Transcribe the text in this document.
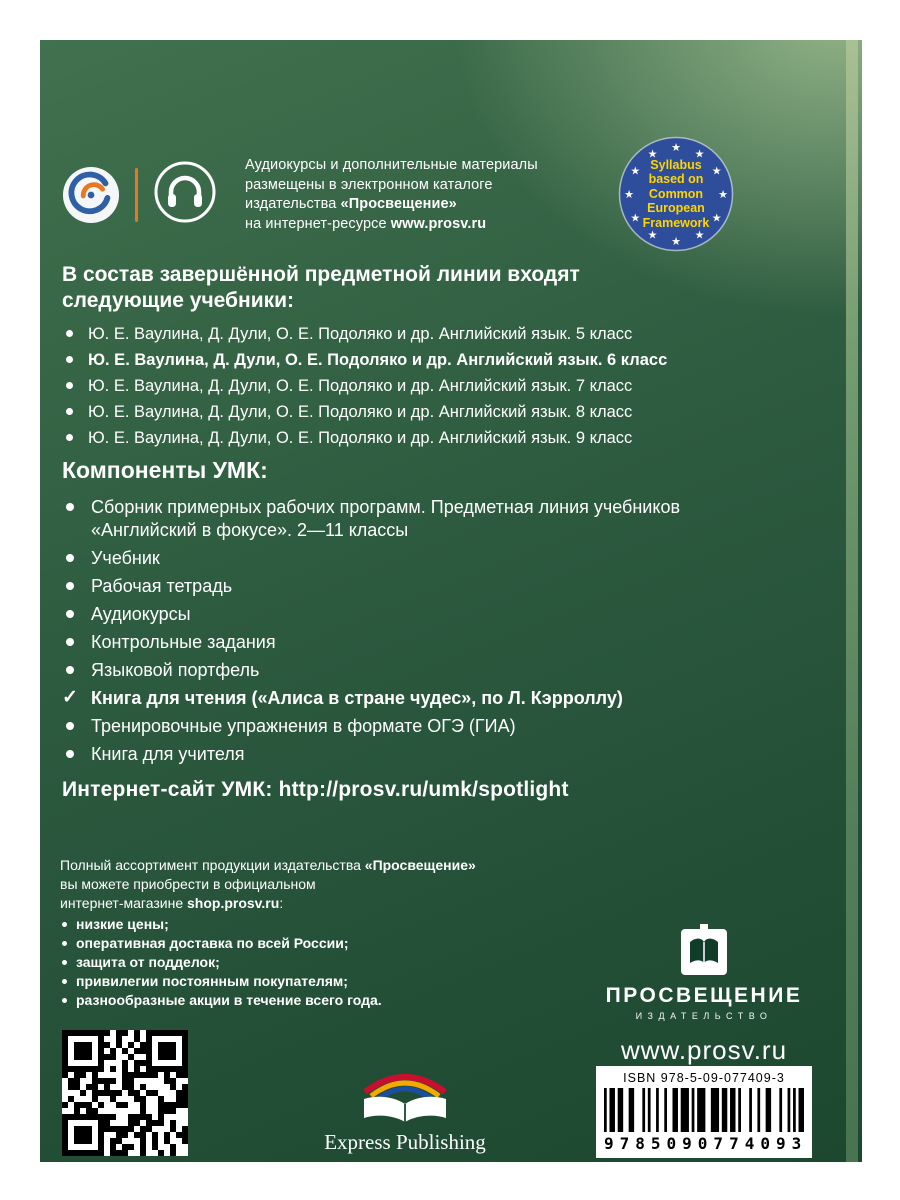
Аудиокурсы и дополнительные материалы

размещены в электронном каталоге

издательства «Просвещение»

на интернет-ресурсе www.prosv.ru

★
★
★
★
★
★
★
★
★
★
★
★
Syllabus
based on
Common
European
Framework
В состав завершённой предметной линии входят следующие учебники:
Ю. Е. Ваулина, Д. Дули, О. Е. Подоляко и др. Английский язык. 5 класс
Ю. Е. Ваулина, Д. Дули, О. Е. Подоляко и др. Английский язык. 6 класс
Ю. Е. Ваулина, Д. Дули, О. Е. Подоляко и др. Английский язык. 7 класс
Ю. Е. Ваулина, Д. Дули, О. Е. Подоляко и др. Английский язык. 8 класс
Ю. Е. Ваулина, Д. Дули, О. Е. Подоляко и др. Английский язык. 9 класс
Компоненты УМК:
Сборник примерных рабочих программ. Предметная линия учебников «Английский в фокусе». 2—11 классы
Учебник
Рабочая тетрадь
Аудиокурсы
Контрольные задания
Языковой портфель
✓ Книга для чтения («Алиса в стране чудес», по Л. Кэрроллу)
Тренировочные упражнения в формате ОГЭ (ГИА)
Книга для учителя
Интернет-сайт УМК: http://prosv.ru/umk/spotlight

Полный ассортимент продукции издательства «Просвещение»

вы можете приобрести в официальном

интернет-магазине shop.prosv.ru:

низкие цены;
оперативная доставка по всей России;
защита от подделок;
привилегии постоянным покупателям;
разнообразные акции в течение всего года.
Express Publishing
ПРОСВЕЩЕНИЕ
ИЗДАТЕЛЬСТВО
www.prosv.ru
ISBN 978-5-09-077409-3
9785090774093
